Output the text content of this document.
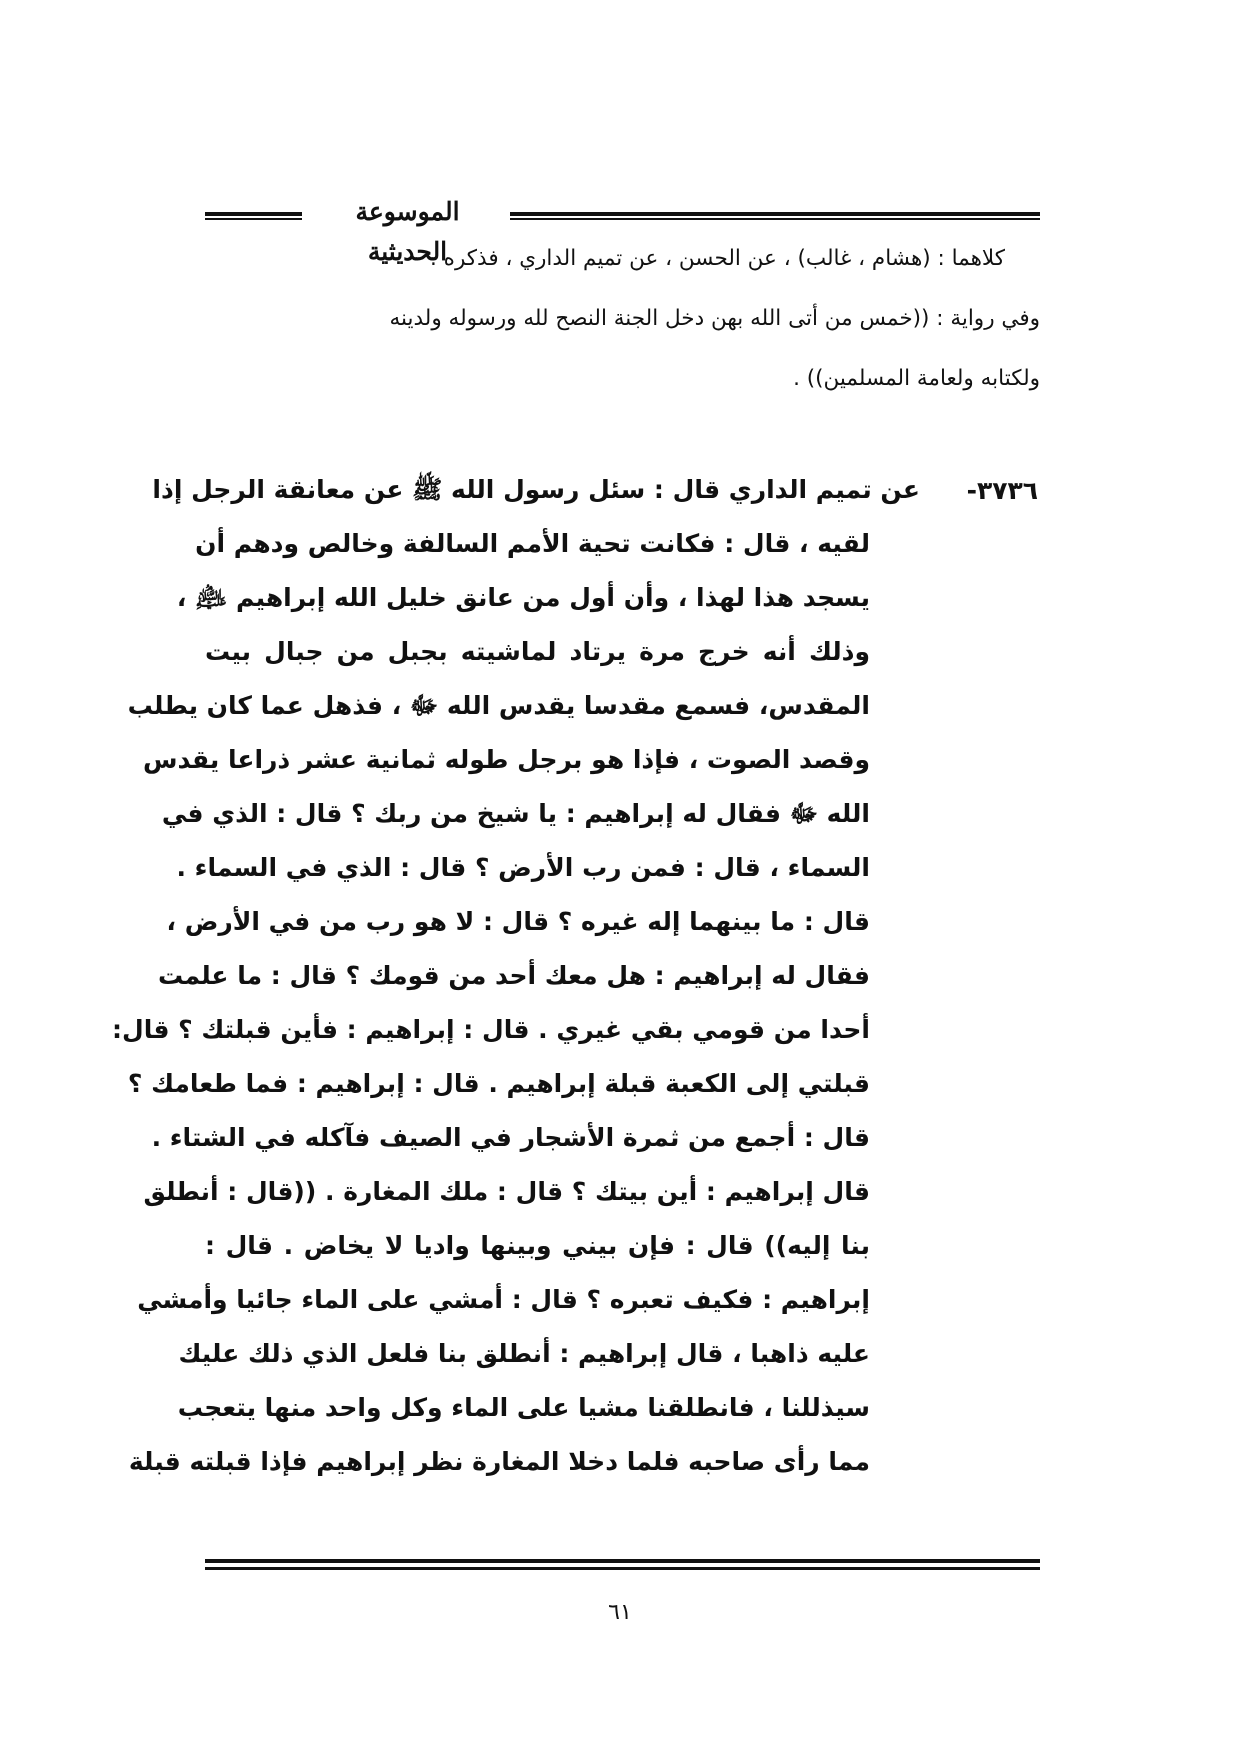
الموسوعة الحديثية
كلاهما : (هشام ، غالب) ، عن الحسن ، عن تميم الداري ، فذكره .
وفي رواية : ((خمس من أتى الله بهن دخل الجنة النصح لله ورسوله ولدينه
ولكتابه ولعامة المسلمين)) .
٣٧٣٦-
عن تميم الداري قال : سئل رسول الله ﷺ عن معانقة الرجل إذا
لقيه ، قال : فكانت تحية الأمم السالفة وخالص ودهم أن
يسجد هذا لهذا ، وأن أول من عانق خليل الله إبراهيم ﵇ ،
وذلك أنه خرج مرة يرتاد لماشيته بجبل من جبال بيت
المقدس، فسمع مقدسا يقدس الله ﷻ ، فذهل عما كان يطلب
وقصد الصوت ، فإذا هو برجل طوله ثمانية عشر ذراعا يقدس
الله ﷻ فقال له إبراهيم : يا شيخ من ربك ؟ قال : الذي في
السماء ، قال : فمن رب الأرض ؟ قال : الذي في السماء .
قال : ما بينهما إله غيره ؟ قال : لا هو رب من في الأرض ،
فقال له إبراهيم : هل معك أحد من قومك ؟ قال : ما علمت
أحدا من قومي بقي غيري . قال : إبراهيم : فأين قبلتك ؟ قال:
قبلتي إلى الكعبة قبلة إبراهيم . قال : إبراهيم : فما طعامك ؟
قال : أجمع من ثمرة الأشجار في الصيف فآكله في الشتاء .
قال إبراهيم : أين بيتك ؟ قال : ملك المغارة . ((قال : أنطلق
بنا إليه)) قال : فإن بيني وبينها واديا لا يخاض . قال :
إبراهيم : فكيف تعبره ؟ قال : أمشي على الماء جائيا وأمشي
عليه ذاهبا ، قال إبراهيم : أنطلق بنا فلعل الذي ذلك عليك
سيذللنا ، فانطلقنا مشيا على الماء وكل واحد منها يتعجب
مما رأى صاحبه فلما دخلا المغارة نظر إبراهيم فإذا قبلته قبلة
٦١
